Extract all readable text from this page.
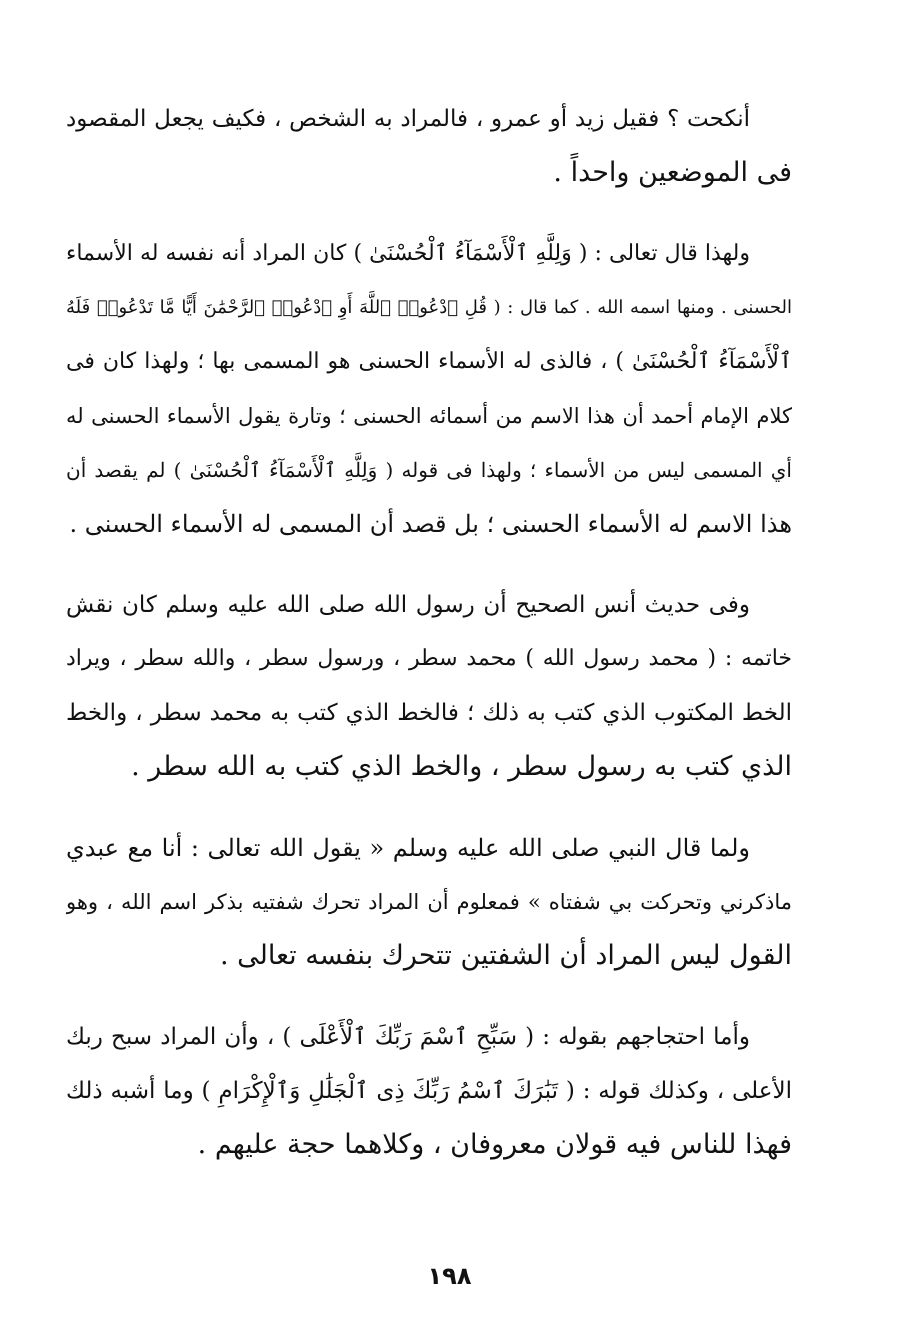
أنكحت ؟ فقيل زيد أو عمرو ، فالمراد به الشخص ، فكيف يجعل المقصود
فى الموضعين واحداً .
ولهذا قال تعالى : ( وَلِلَّهِ ٱلْأَسْمَآءُ ٱلْحُسْنَىٰ ) كان المراد أنه نفسه له الأسماء
الحسنى . ومنها اسمه الله . كما قال : ( قُلِ ٱدْعُوا۟ ٱللَّهَ أَوِ ٱدْعُوا۟ ٱلرَّحْمَٰنَ أَيًّا مَّا تَدْعُوا۟ فَلَهُ
ٱلْأَسْمَآءُ ٱلْحُسْنَىٰ ) ، فالذى له الأسماء الحسنى هو المسمى بها ؛ ولهذا كان فى
كلام الإمام أحمد أن هذا الاسم من أسمائه الحسنى ؛ وتارة يقول الأسماء الحسنى له
أي المسمى ليس من الأسماء ؛ ولهذا فى قوله ( وَلِلَّهِ ٱلْأَسْمَآءُ ٱلْحُسْنَىٰ ) لم يقصد أن
هذا الاسم له الأسماء الحسنى ؛ بل قصد أن المسمى له الأسماء الحسنى .
وفى حديث أنس الصحيح أن رسول الله صلى الله عليه وسلم كان نقش
خاتمه : ( محمد رسول الله ) محمد سطر ، ورسول سطر ، والله سطر ، ويراد
الخط المكتوب الذي كتب به ذلك ؛ فالخط الذي كتب به محمد سطر ، والخط
الذي كتب به رسول سطر ، والخط الذي كتب به الله سطر .
ولما قال النبي صلى الله عليه وسلم « يقول الله تعالى : أنا مع عبدي
ماذكرني وتحركت بي شفتاه » فمعلوم أن المراد تحرك شفتيه بذكر اسم الله ، وهو
القول ليس المراد أن الشفتين تتحرك بنفسه تعالى .
وأما احتجاجهم بقوله : ( سَبِّحِ ٱسْمَ رَبِّكَ ٱلْأَعْلَى ) ، وأن المراد سبح ربك
الأعلى ، وكذلك قوله : ( تَبَٰرَكَ ٱسْمُ رَبِّكَ ذِى ٱلْجَلَٰلِ وَٱلْإِكْرَامِ ) وما أشبه ذلك
فهذا للناس فيه قولان معروفان ، وكلاهما حجة عليهم .
١٩٨
